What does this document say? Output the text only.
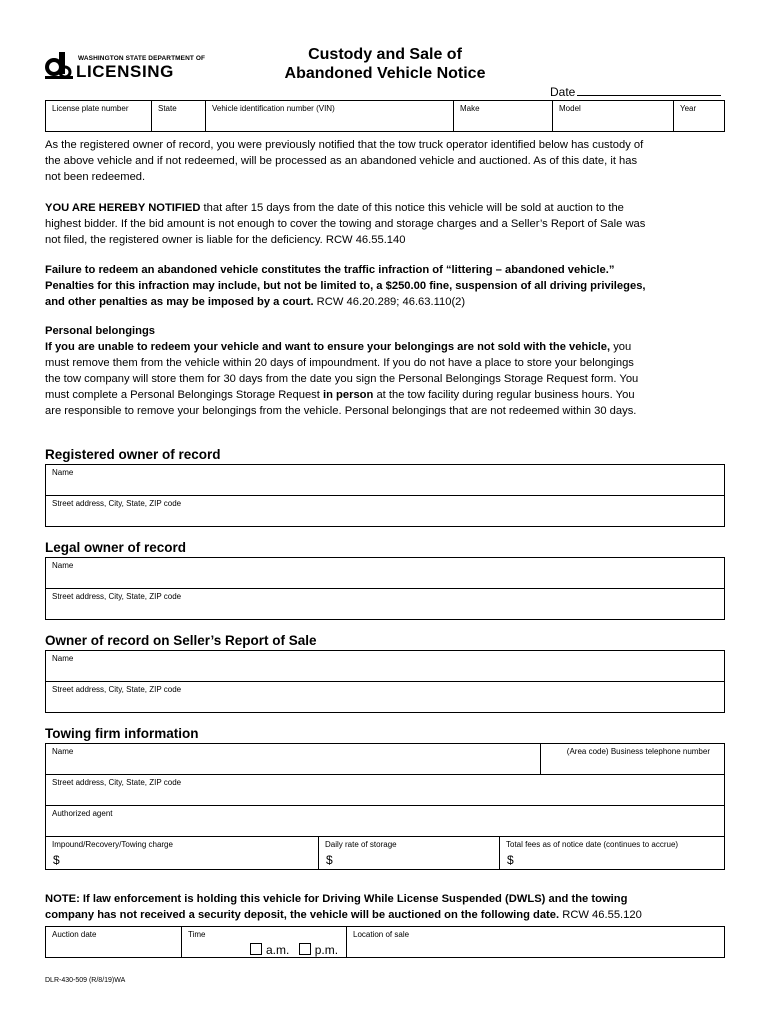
WASHINGTON STATE DEPARTMENT OF
LICENSING
Custody and Sale of
Abandoned Vehicle Notice
Date
License plate number	State	Vehicle identification number (VIN)	Make	Model	Year
As the registered owner of record, you were previously notified that the tow truck operator identified below has custody of
the above vehicle and if not redeemed, will be processed as an abandoned vehicle and auctioned. As of this date, it has
not been redeemed.
YOU ARE HEREBY NOTIFIED that after 15 days from the date of this notice this vehicle will be sold at auction to the
highest bidder. If the bid amount is not enough to cover the towing and storage charges and a Seller’s Report of Sale was
not filed, the registered owner is liable for the deficiency. RCW 46.55.140
Failure to redeem an abandoned vehicle constitutes the traffic infraction of “littering – abandoned vehicle.”
Penalties for this infraction may include, but not be limited to, a $250.00 fine, suspension of all driving privileges,
and other penalties as may be imposed by a court. RCW 46.20.289; 46.63.110(2)
Personal belongings
If you are unable to redeem your vehicle and want to ensure your belongings are not sold with the vehicle, you
must remove them from the vehicle within 20 days of impoundment. If you do not have a place to store your belongings
the tow company will store them for 30 days from the date you sign the Personal Belongings Storage Request form. You
must complete a Personal Belongings Storage Request in person at the tow facility during regular business hours. You
are responsible to remove your belongings from the vehicle. Personal belongings that are not redeemed within 30 days.
Registered owner of record
Name
Street address, City, State, ZIP code
Legal owner of record
Name
Street address, City, State, ZIP code
Owner of record on Seller’s Report of Sale
Name
Street address, City, State, ZIP code
Towing firm information
Name	(Area code) Business telephone number
Street address, City, State, ZIP code
Authorized agent
Impound/Recovery/Towing charge
$
Daily rate of storage
$
Total fees as of notice date (continues to accrue)
$
NOTE: If law enforcement is holding this vehicle for Driving While License Suspended (DWLS) and the towing
company has not received a security deposit, the vehicle will be auctioned on the following date. RCW 46.55.120
Auction date	Time	Location of sale
a.m. p.m.
DLR-430-509 (R/8/19)WA
